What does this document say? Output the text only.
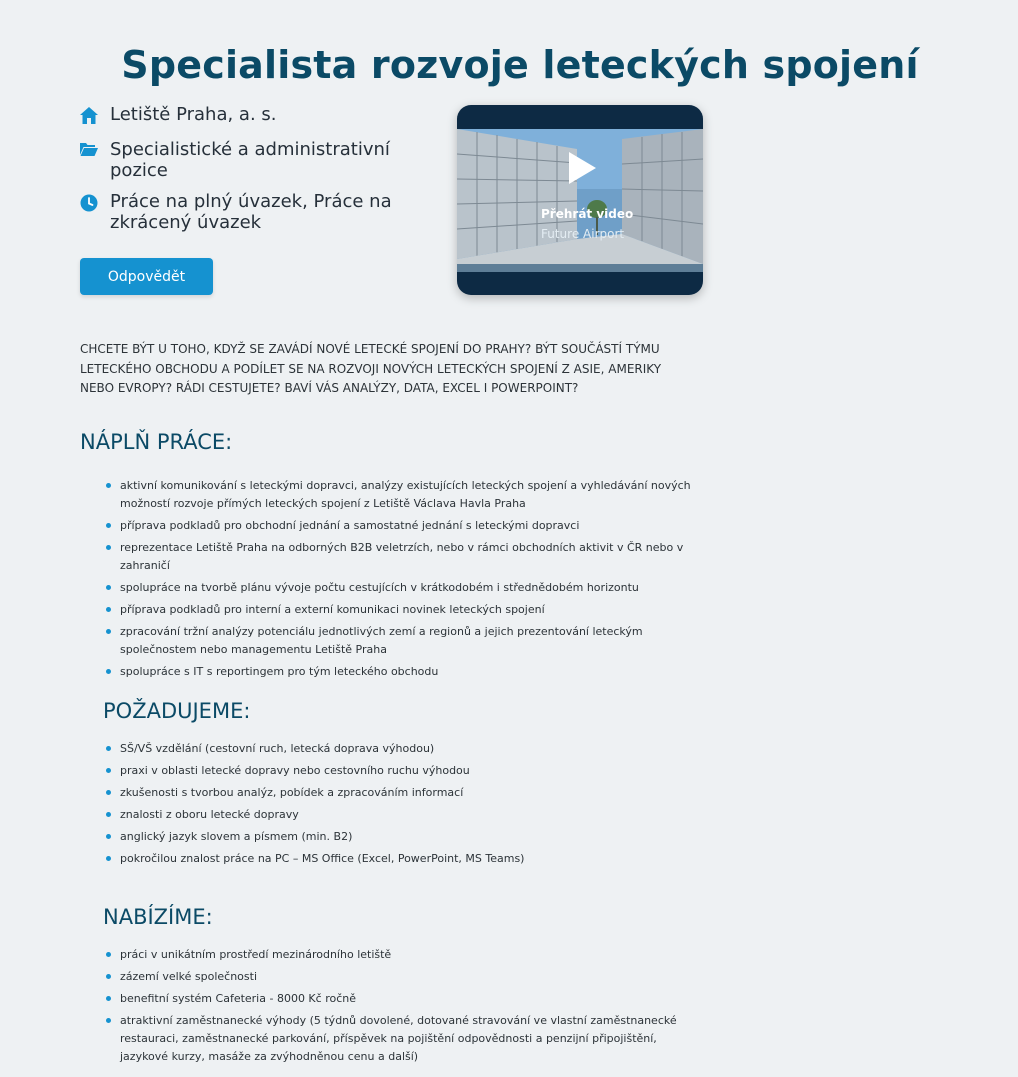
Specialista rozvoje leteckých spojení
Letiště Praha, a. s.
Specialistické a administrativní pozice
Práce na plný úvazek, Práce na zkrácený úvazek
Odpovědět
Přehrát video
Future Airport

CHCETE BÝT U TOHO, KDYŽ SE ZAVÁDÍ NOVÉ LETECKÉ SPOJENÍ DO PRAHY? BÝT SOUČÁSTÍ TÝMU LETECKÉHO OBCHODU A PODÍLET SE NA ROZVOJI NOVÝCH LETECKÝCH SPOJENÍ Z ASIE, AMERIKY NEBO EVROPY? RÁDI CESTUJETE? BAVÍ VÁS ANALÝZY, DATA, EXCEL I POWERPOINT?

NÁPLŇ PRÁCE:
aktivní komunikování s leteckými dopravci, analýzy existujících leteckých spojení a vyhledávání nových možností rozvoje přímých leteckých spojení z Letiště Václava Havla Praha
příprava podkladů pro obchodní jednání a samostatné jednání s leteckými dopravci
reprezentace Letiště Praha na odborných B2B veletrzích, nebo v rámci obchodních aktivit v ČR nebo v zahraničí
spolupráce na tvorbě plánu vývoje počtu cestujících v krátkodobém i střednědobém horizontu
příprava podkladů pro interní a externí komunikaci novinek leteckých spojení
zpracování tržní analýzy potenciálu jednotlivých zemí a regionů a jejich prezentování leteckým společnostem nebo managementu Letiště Praha
spolupráce s IT s reportingem pro tým leteckého obchodu
POŽADUJEME:
SŠ/VŠ vzdělání (cestovní ruch, letecká doprava výhodou)
praxi v oblasti letecké dopravy nebo cestovního ruchu výhodou
zkušenosti s tvorbou analýz, pobídek a zpracováním informací
znalosti z oboru letecké dopravy
anglický jazyk slovem a písmem (min. B2)
pokročilou znalost práce na PC – MS Office (Excel, PowerPoint, MS Teams)
NABÍZÍME:
práci v unikátním prostředí mezinárodního letiště
zázemí velké společnosti
benefitní systém Cafeteria - 8000 Kč ročně
atraktivní zaměstnanecké výhody (5 týdnů dovolené, dotované stravování ve vlastní zaměstnanecké restauraci, zaměstnanecké parkování, příspěvek na pojištění odpovědnosti a penzijní připojištění, jazykové kurzy, masáže za zvýhodněnou cenu a další)
